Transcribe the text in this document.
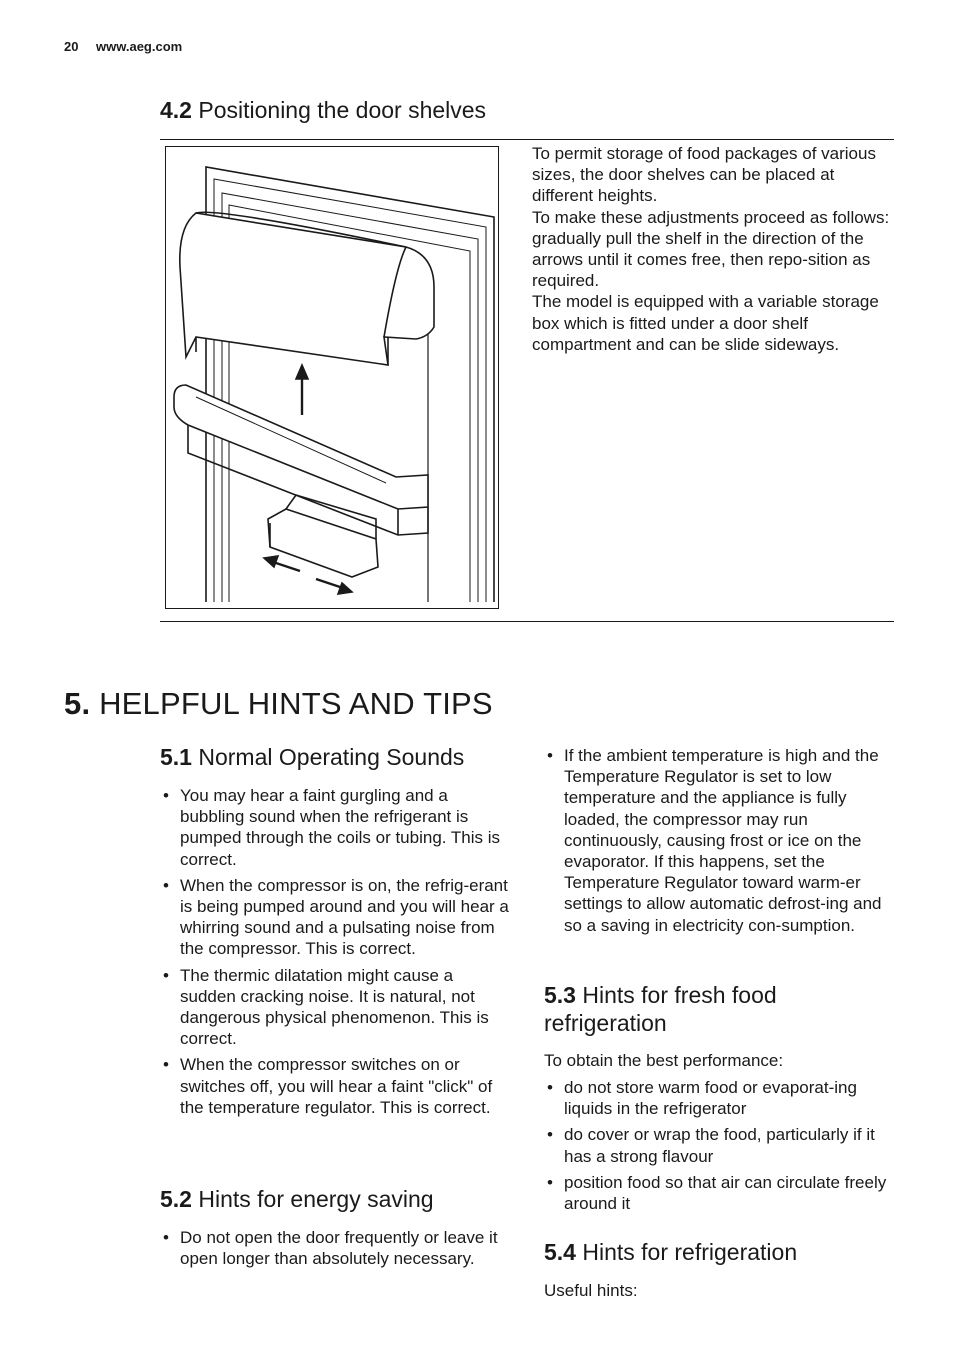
20 www.aeg.com
4.2 Positioning the door shelves

To permit storage of food packages of various sizes, the door shelves can be placed at different heights.

To make these adjustments proceed as follows:

gradually pull the shelf in the direction of the arrows until it comes free, then repo-sition as required.

The model is equipped with a variable storage box which is fitted under a door shelf compartment and can be slide sideways.

5. HELPFUL HINTS AND TIPS
5.1 Normal Operating Sounds
• You may hear a faint gurgling and a bubbling sound when the refrigerant is pumped through the coils or tubing. This is correct.
• When the compressor is on, the refrig-erant is being pumped around and you will hear a whirring sound and a pulsating noise from the compressor. This is correct.
• The thermic dilatation might cause a sudden cracking noise. It is natural, not dangerous physical phenomenon. This is correct.
• When the compressor switches on or switches off, you will hear a faint "click" of the temperature regulator. This is correct.
5.2 Hints for energy saving
• Do not open the door frequently or leave it open longer than absolutely necessary.
• If the ambient temperature is high and the Temperature Regulator is set to low temperature and the appliance is fully loaded, the compressor may run continuously, causing frost or ice on the evaporator. If this happens, set the Temperature Regulator toward warm-er settings to allow automatic defrost-ing and so a saving in electricity con-sumption.
5.3 Hints for fresh food
refrigeration

To obtain the best performance:

• do not store warm food or evaporat-ing liquids in the refrigerator
• do cover or wrap the food, particularly if it has a strong flavour
• position food so that air can circulate freely around it
5.4 Hints for refrigeration

Useful hints:
